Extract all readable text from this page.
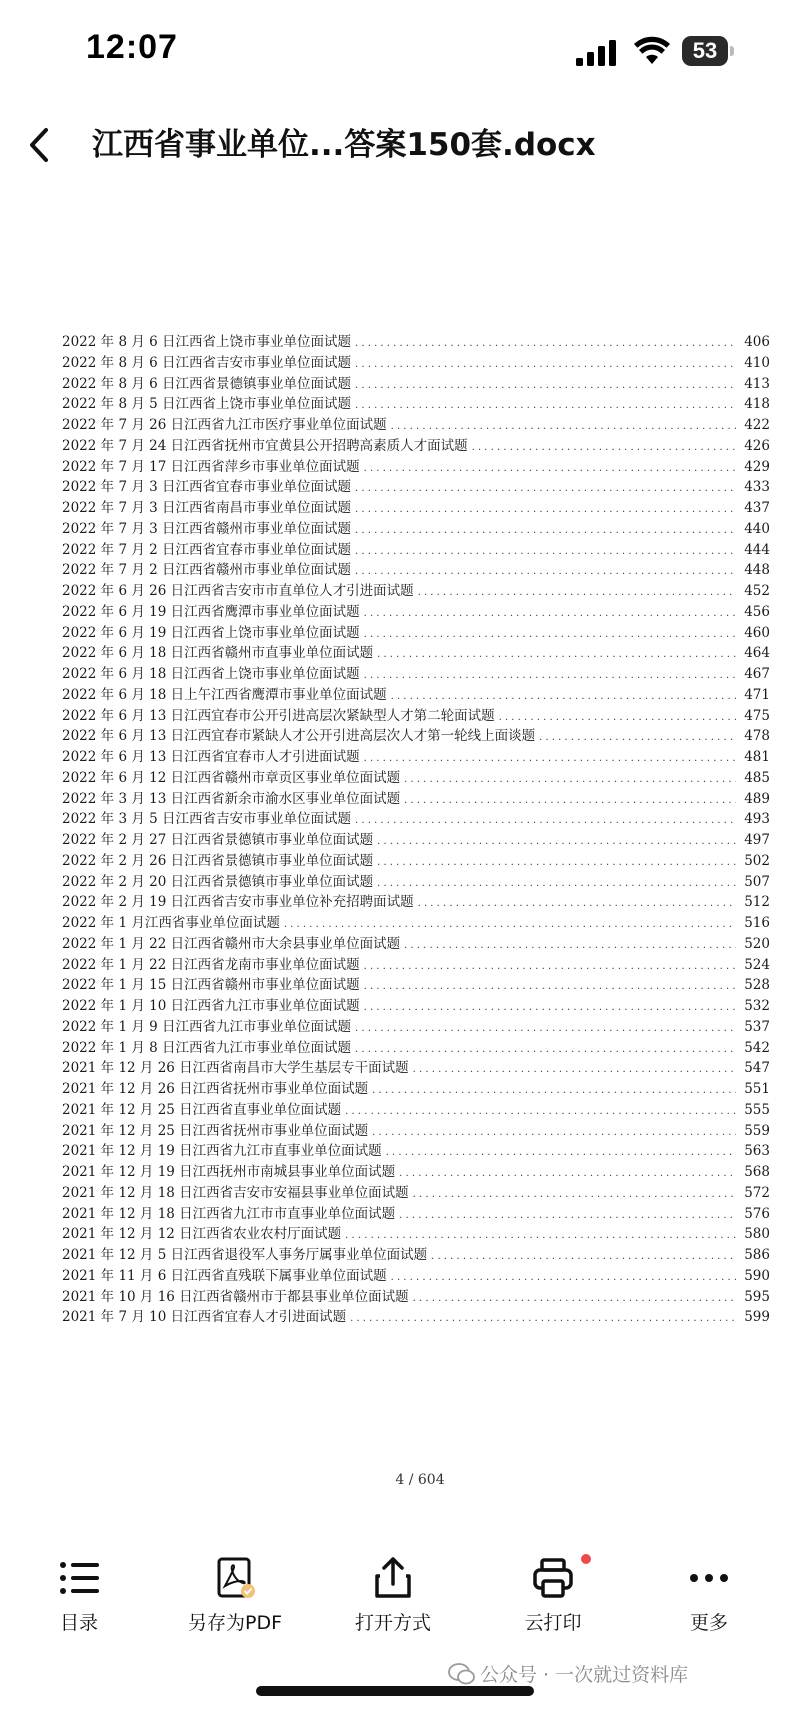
12:07	53
江西省事业单位...答案150套.docx
2022 年 8 月 6 日江西省上饶市事业单位面试题 . . .	406
2022 年 8 月 6 日江西省吉安市事业单位面试题 . . .	410
2022 年 8 月 6 日江西省景德镇事业单位面试题 . . .	413
2022 年 8 月 5 日江西省上饶市事业单位面试题 . . .	418
2022 年 7 月 26 日江西省九江市医疗事业单位面试题 . . .	422
2022 年 7 月 24 日江西省抚州市宜黄县公开招聘高素质人才面试题 . . .	426
2022 年 7 月 17 日江西省萍乡市事业单位面试题 . . .	429
2022 年 7 月 3 日江西省宜春市事业单位面试题 . . .	433
2022 年 7 月 3 日江西省南昌市事业单位面试题 . . .	437
2022 年 7 月 3 日江西省赣州市事业单位面试题 . . .	440
2022 年 7 月 2 日江西省宜春市事业单位面试题 . . .	444
2022 年 7 月 2 日江西省赣州市事业单位面试题 . . .	448
2022 年 6 月 26 日江西省吉安市市直单位人才引进面试题 . . .	452
2022 年 6 月 19 日江西省鹰潭市事业单位面试题 . . .	456
2022 年 6 月 19 日江西省上饶市事业单位面试题 . . .	460
2022 年 6 月 18 日江西省赣州市直事业单位面试题 . . .	464
2022 年 6 月 18 日江西省上饶市事业单位面试题 . . .	467
2022 年 6 月 18 日上午江西省鹰潭市事业单位面试题 . . .	471
2022 年 6 月 13 日江西宜春市公开引进高层次紧缺型人才第二轮面试题 . . .	475
2022 年 6 月 13 日江西宜春市紧缺人才公开引进高层次人才第一轮线上面谈题 . . .	478
2022 年 6 月 13 日江西省宜春市人才引进面试题 . . .	481
2022 年 6 月 12 日江西省赣州市章贡区事业单位面试题 . . .	485
2022 年 3 月 13 日江西省新余市渝水区事业单位面试题 . . .	489
2022 年 3 月 5 日江西省吉安市事业单位面试题 . . .	493
2022 年 2 月 27 日江西省景德镇市事业单位面试题 . . .	497
2022 年 2 月 26 日江西省景德镇市事业单位面试题 . . .	502
2022 年 2 月 20 日江西省景德镇市事业单位面试题 . . .	507
2022 年 2 月 19 日江西省吉安市事业单位补充招聘面试题 . . .	512
2022 年 1 月江西省事业单位面试题 . . .	516
2022 年 1 月 22 日江西省赣州市大余县事业单位面试题 . . .	520
2022 年 1 月 22 日江西省龙南市事业单位面试题 . . .	524
2022 年 1 月 15 日江西省赣州市事业单位面试题 . . .	528
2022 年 1 月 10 日江西省九江市事业单位面试题 . . .	532
2022 年 1 月 9 日江西省九江市事业单位面试题 . . .	537
2022 年 1 月 8 日江西省九江市事业单位面试题 . . .	542
2021 年 12 月 26 日江西省南昌市大学生基层专干面试题 . . .	547
2021 年 12 月 26 日江西省抚州市事业单位面试题 . . .	551
2021 年 12 月 25 日江西省直事业单位面试题 . . .	555
2021 年 12 月 25 日江西省抚州市事业单位面试题 . . .	559
2021 年 12 月 19 日江西省九江市直事业单位面试题 . . .	563
2021 年 12 月 19 日江西抚州市南城县事业单位面试题 . . .	568
2021 年 12 月 18 日江西省吉安市安福县事业单位面试题 . . .	572
2021 年 12 月 18 日江西省九江市市直事业单位面试题 . . .	576
2021 年 12 月 12 日江西省农业农村厅面试题 . . .	580
2021 年 12 月 5 日江西省退役军人事务厅属事业单位面试题 . . .	586
2021 年 11 月 6 日江西省直残联下属事业单位面试题 . . .	590
2021 年 10 月 16 日江西省赣州市于都县事业单位面试题 . . .	595
2021 年 7 月 10 日江西省宜春人才引进面试题 . . .	599
4 / 604
目录	另存为PDF	打开方式	云打印	更多
公众号 · 一次就过资料库
